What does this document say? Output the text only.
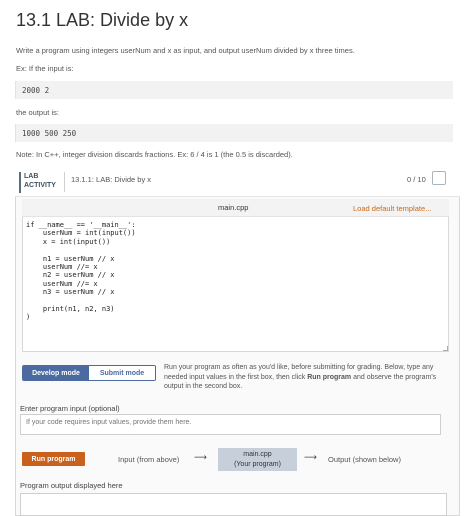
13.1 LAB: Divide by x
Write a program using integers userNum and x as input, and output userNum divided by x three times.
Ex: If the input is:
2000 2
the output is:
1000 500 250
Note: In C++, integer division discards fractions. Ex: 6 / 4 is 1 (the 0.5 is discarded).
LAB
ACTIVITY
13.1.1: LAB: Divide by x	0 / 10
main.cpp	Load default template...
if __name__ == '__main__':
userNum = int(input())
x = int(input())

n1 = userNum // x
userNum //= x
n2 = userNum // x
userNum //= x
n3 = userNum // x

print(n1, n2, n3)
)
Develop mode	Submit mode
Run your program as often as you'd like, before submitting for grading. Below, type any needed input values in the first box, then click Run program and observe the program's output in the second box.
Enter program input (optional)
If your code requires input values, provide them here.
Run program	Input (from above) ⟶	main.cpp
(Your program)
⟶ Output (shown below)
Program output displayed here
